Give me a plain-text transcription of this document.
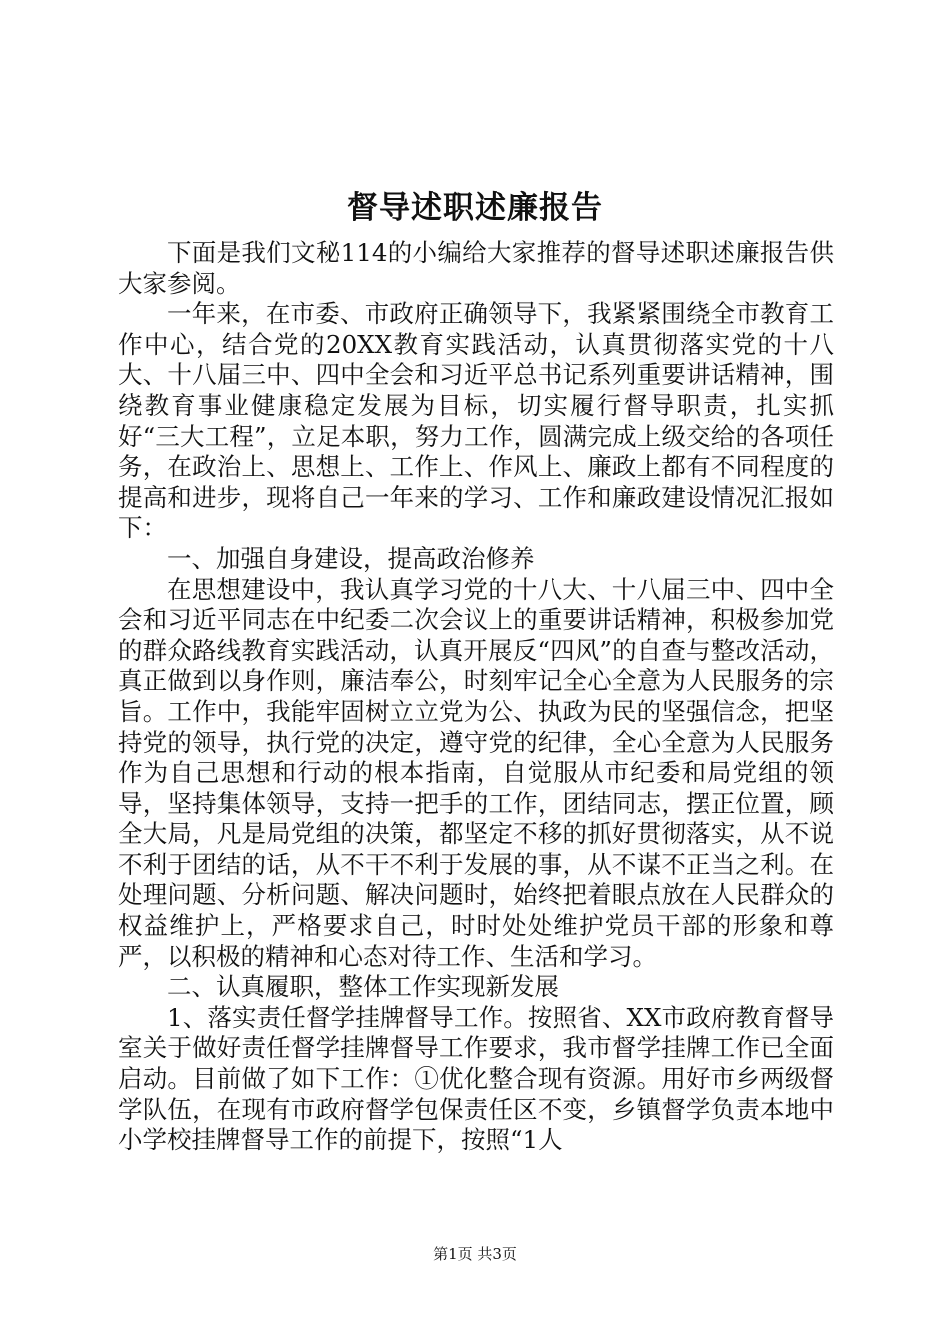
督导述职述廉报告

下面是我们文秘114的小编给大家推荐的督导述职述廉报告供大家参阅。

一年来，在市委、市政府正确领导下，我紧紧围绕全市教育工作中心，结合党的20XX教育实践活动，认真贯彻落实党的十八大、十八届三中、四中全会和习近平总书记系列重要讲话精神，围绕教育事业健康稳定发展为目标，切实履行督导职责，扎实抓好“三大工程”，立足本职，努力工作，圆满完成上级交给的各项任务，在政治上、思想上、工作上、作风上、廉政上都有不同程度的提高和进步，现将自己一年来的学习、工作和廉政建设情况汇报如下：

一、加强自身建设，提高政治修养

在思想建设中，我认真学习党的十八大、十八届三中、四中全会和习近平同志在中纪委二次会议上的重要讲话精神，积极参加党的群众路线教育实践活动，认真开展反“四风”的自查与整改活动，真正做到以身作则，廉洁奉公，时刻牢记全心全意为人民服务的宗旨。工作中，我能牢固树立立党为公、执政为民的坚强信念，把坚持党的领导，执行党的决定，遵守党的纪律，全心全意为人民服务作为自己思想和行动的根本指南，自觉服从市纪委和局党组的领导，坚持集体领导，支持一把手的工作，团结同志，摆正位置，顾全大局，凡是局党组的决策，都坚定不移的抓好贯彻落实，从不说不利于团结的话，从不干不利于发展的事，从不谋不正当之利。在处理问题、分析问题、解决问题时，始终把着眼点放在人民群众的权益维护上，严格要求自己，时时处处维护党员干部的形象和尊严，以积极的精神和心态对待工作、生活和学习。

二、认真履职，整体工作实现新发展

1、落实责任督学挂牌督导工作。按照省、XX市政府教育督导室关于做好责任督学挂牌督导工作要求，我市督学挂牌工作已全面启动。目前做了如下工作：①优化整合现有资源。用好市乡两级督学队伍，在现有市政府督学包保责任区不变，乡镇督学负责本地中小学校挂牌督导工作的前提下，按照“1人

第1页 共3页
